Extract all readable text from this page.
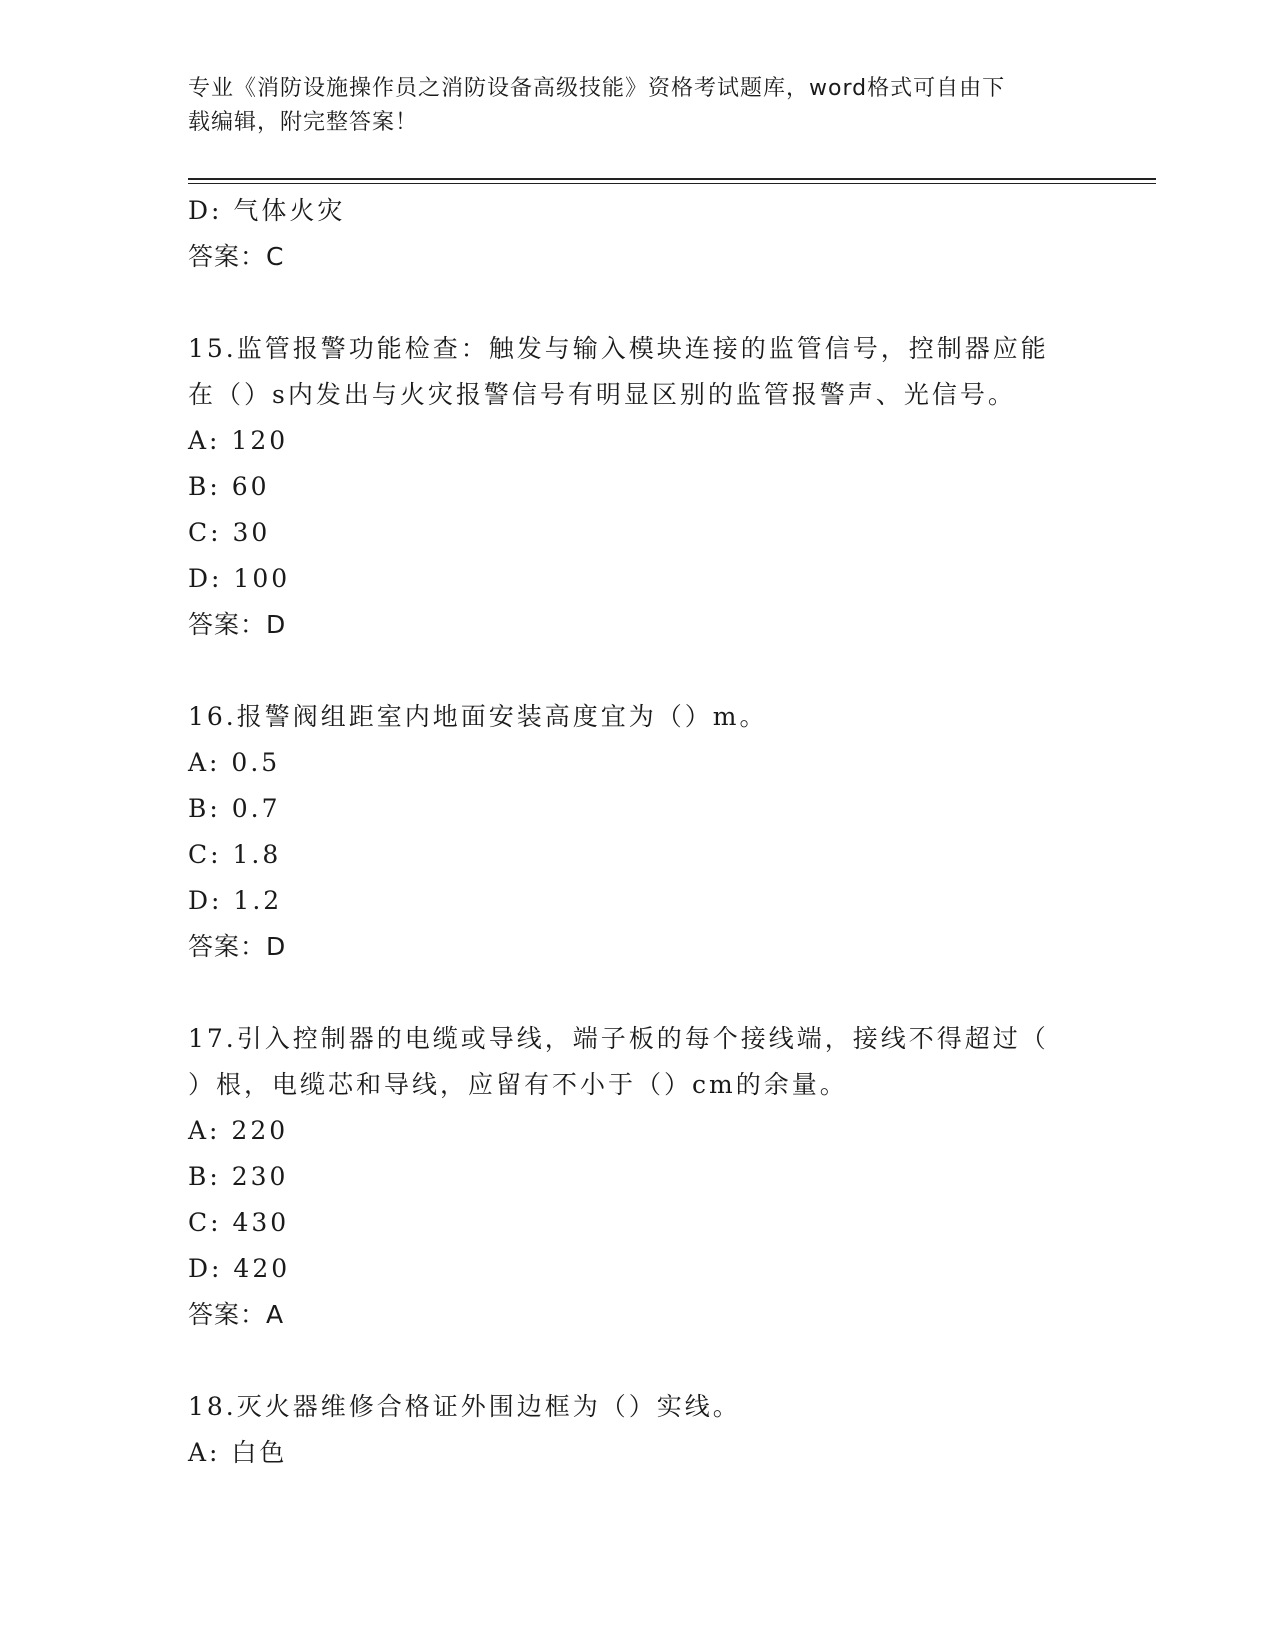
专业《消防设施操作员之消防设备高级技能》资格考试题库，word格式可自由下
载编辑，附完整答案！
D: 气体火灾
答案：C
15.监管报警功能检查：触发与输入模块连接的监管信号，控制器应能
在（）s内发出与火灾报警信号有明显区别的监管报警声、光信号。
A: 120
B: 60
C: 30
D: 100
答案：D
16.报警阀组距室内地面安装高度宜为（）m。
A: 0.5
B: 0.7
C: 1.8
D: 1.2
答案：D
17.引入控制器的电缆或导线，端子板的每个接线端，接线不得超过（
）根，电缆芯和导线，应留有不小于（）cm的余量。
A: 220
B: 230
C: 430
D: 420
答案：A
18.灭火器维修合格证外围边框为（）实线。
A: 白色
